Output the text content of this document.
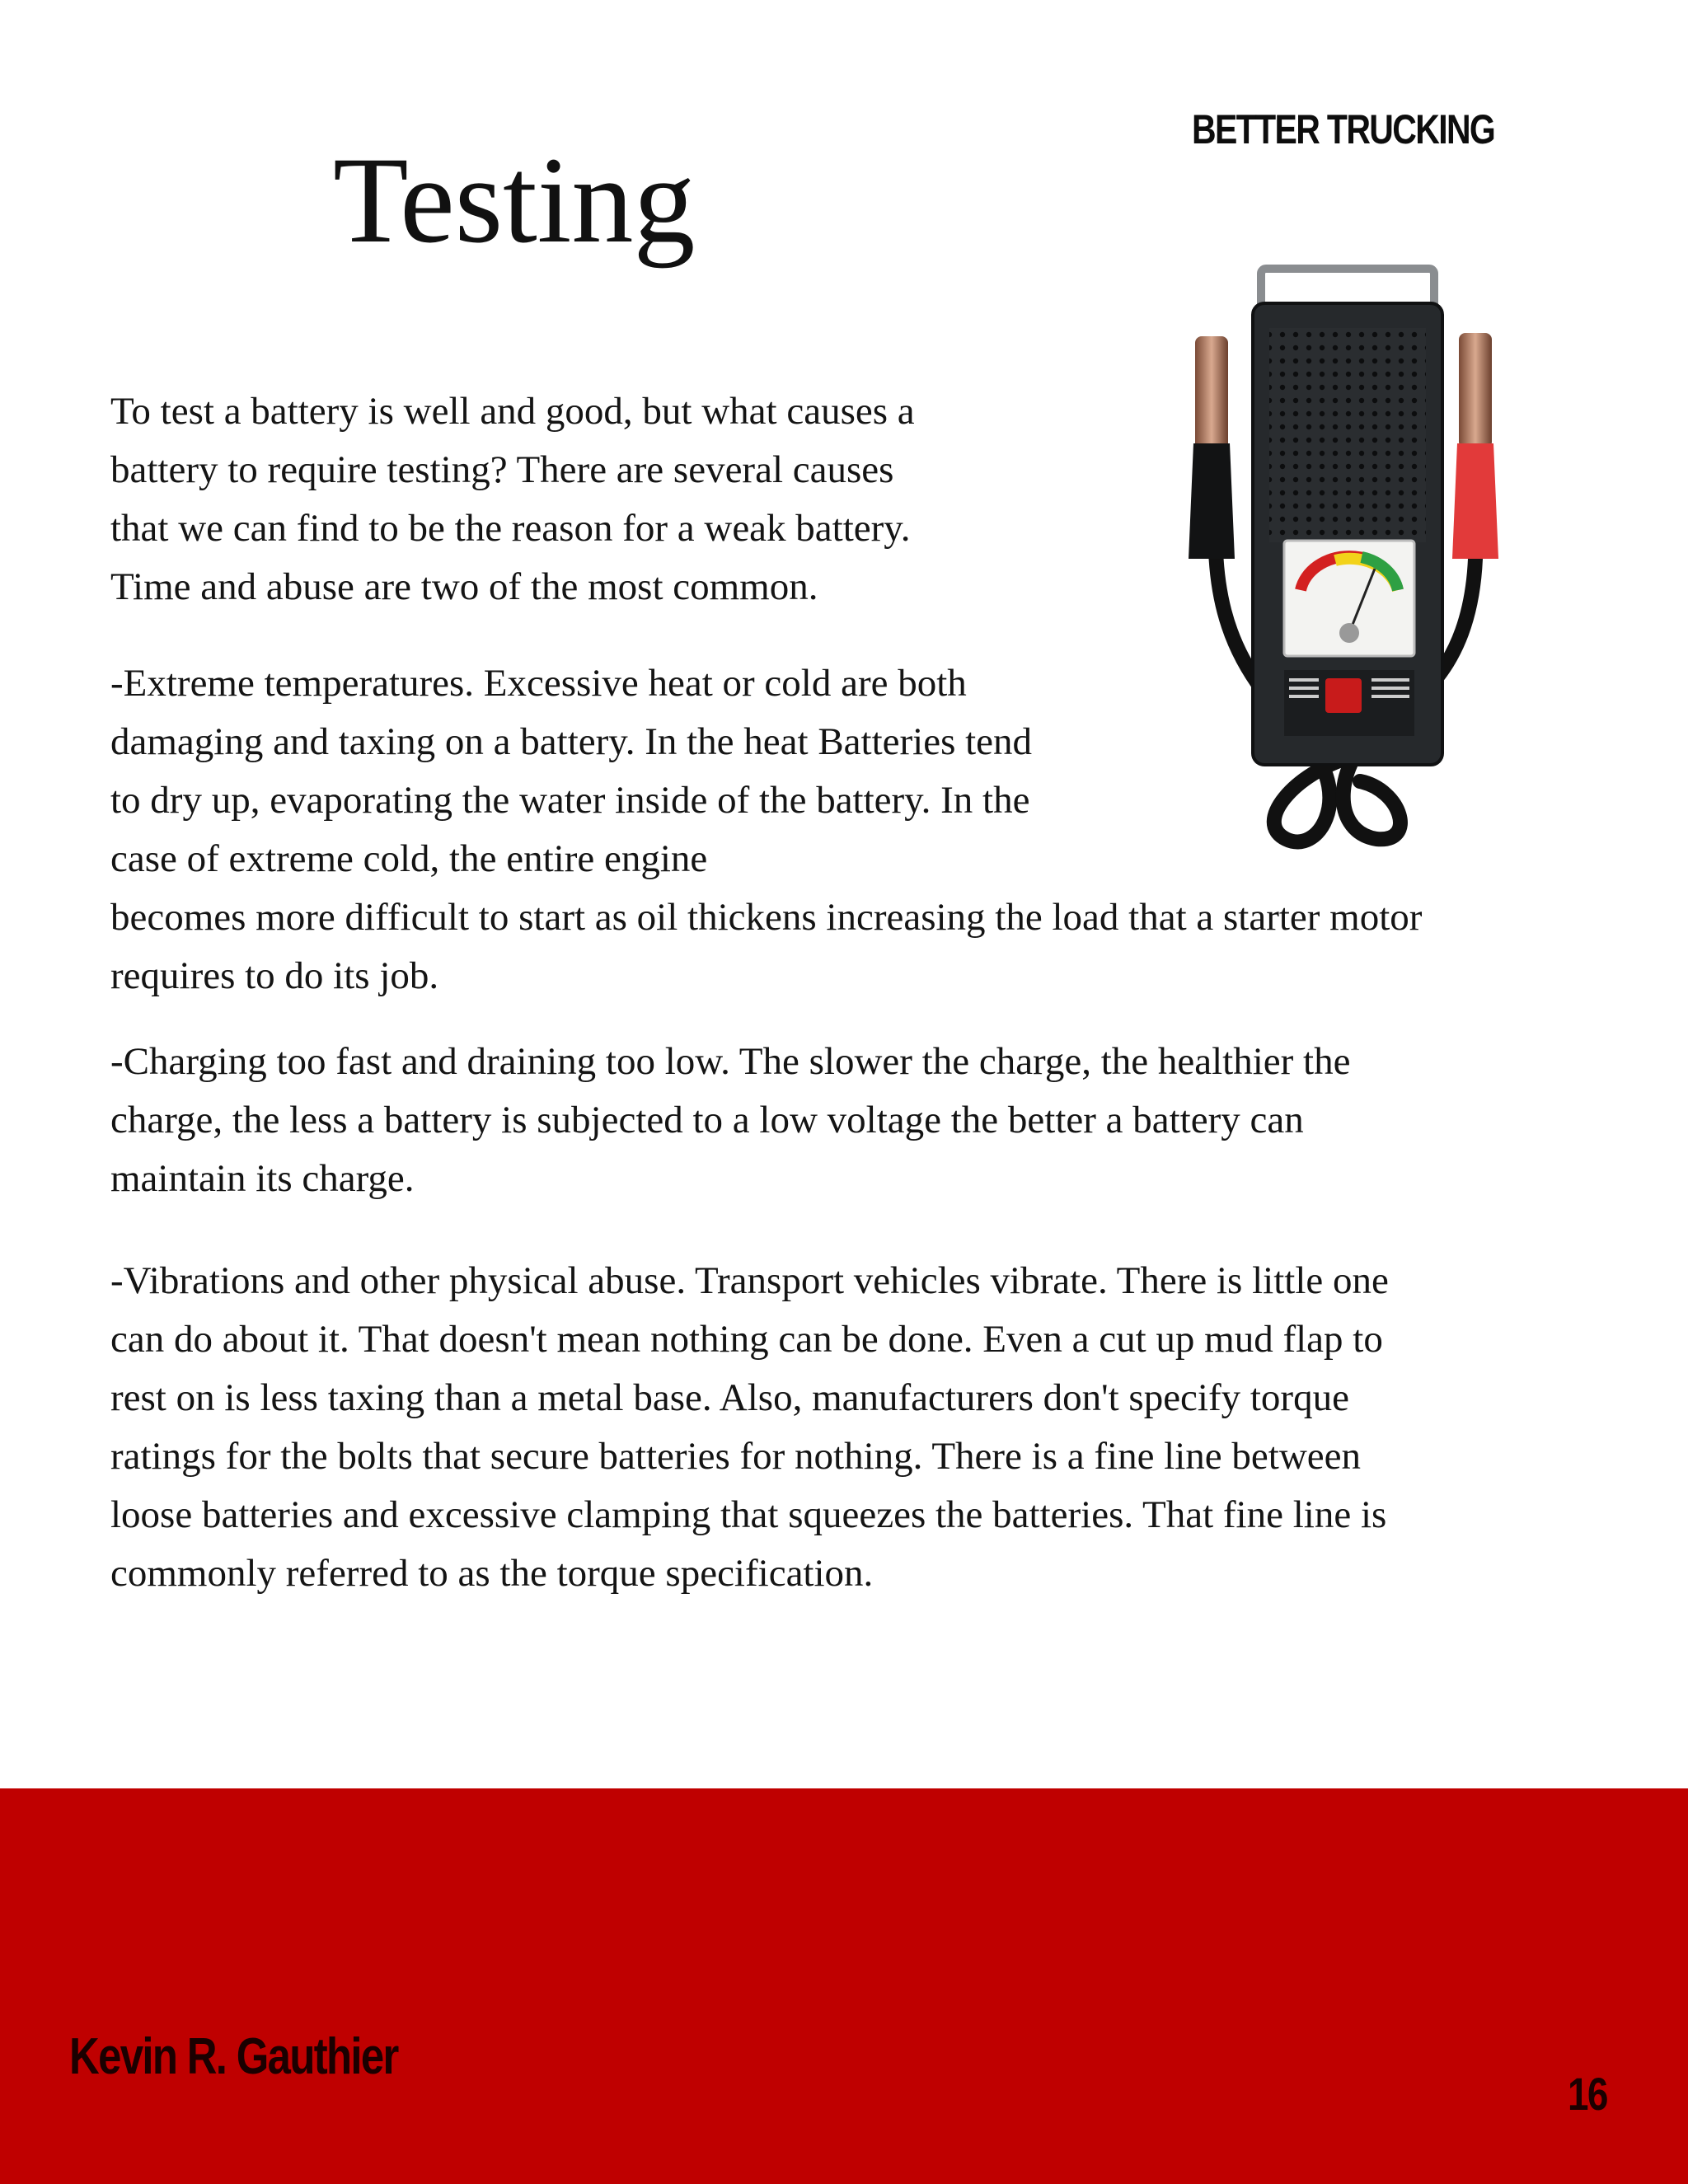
BETTER TRUCKING
Testing

To test a battery is well and good, but what causes a

battery to require testing? There are several causes

that we can find to be the reason for a weak battery.

Time and abuse are two of the most common.

-Extreme temperatures. Excessive heat or cold are both

damaging and taxing on a battery. In the heat Batteries tend

to dry up, evaporating the water inside of the battery. In the

case of extreme cold, the entire engine

becomes more difficult to start as oil thickens increasing the load that a starter motor

requires to do its job.

-Charging too fast and draining too low. The slower the charge, the healthier the

charge, the less a battery is subjected to a low voltage the better a battery can

maintain its charge.

-Vibrations and other physical abuse. Transport vehicles vibrate. There is little one

can do about it. That doesn't mean nothing can be done. Even a cut up mud flap to

rest on is less taxing than a metal base. Also, manufacturers don't specify torque

ratings for the bolts that secure batteries for nothing. There is a fine line between

loose batteries and excessive clamping that squeezes the batteries. That fine line is

commonly referred to as the torque specification.

Kevin R. Gauthier
16
